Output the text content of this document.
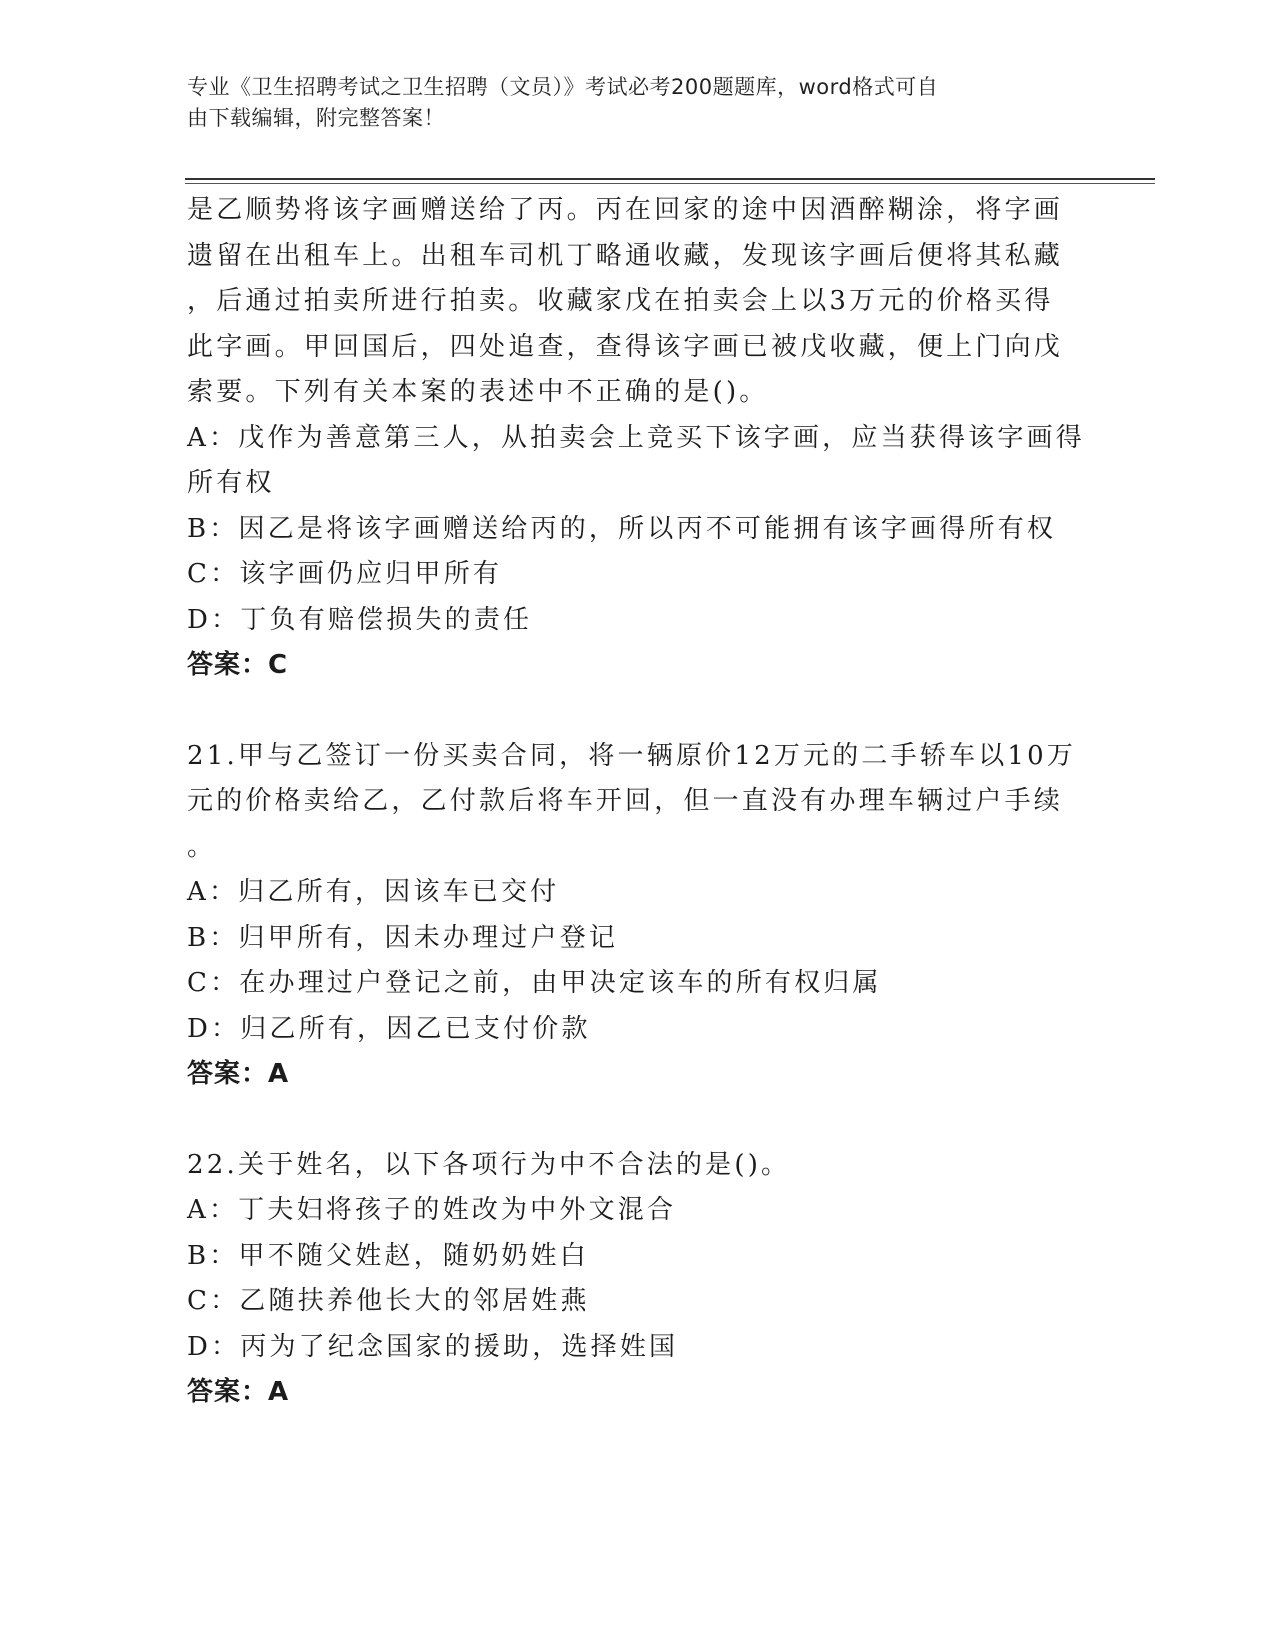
专业《卫生招聘考试之卫生招聘（文员）》考试必考200题题库，word格式可自
由下载编辑，附完整答案！
是乙顺势将该字画赠送给了丙。丙在回家的途中因酒醉糊涂，将字画
遗留在出租车上。出租车司机丁略通收藏，发现该字画后便将其私藏
，后通过拍卖所进行拍卖。收藏家戊在拍卖会上以3万元的价格买得
此字画。甲回国后，四处追查，查得该字画已被戊收藏，便上门向戊
索要。下列有关本案的表述中不正确的是()。
A：戊作为善意第三人，从拍卖会上竞买下该字画，应当获得该字画得
所有权
B：因乙是将该字画赠送给丙的，所以丙不可能拥有该字画得所有权
C：该字画仍应归甲所有
D：丁负有赔偿损失的责任
答案：C
21.甲与乙签订一份买卖合同，将一辆原价12万元的二手轿车以10万
元的价格卖给乙，乙付款后将车开回，但一直没有办理车辆过户手续
。
A：归乙所有，因该车已交付
B：归甲所有，因未办理过户登记
C：在办理过户登记之前，由甲决定该车的所有权归属
D：归乙所有，因乙已支付价款
答案：A
22.关于姓名，以下各项行为中不合法的是()。
A：丁夫妇将孩子的姓改为中外文混合
B：甲不随父姓赵，随奶奶姓白
C：乙随扶养他长大的邻居姓燕
D：丙为了纪念国家的援助，选择姓国
答案：A
